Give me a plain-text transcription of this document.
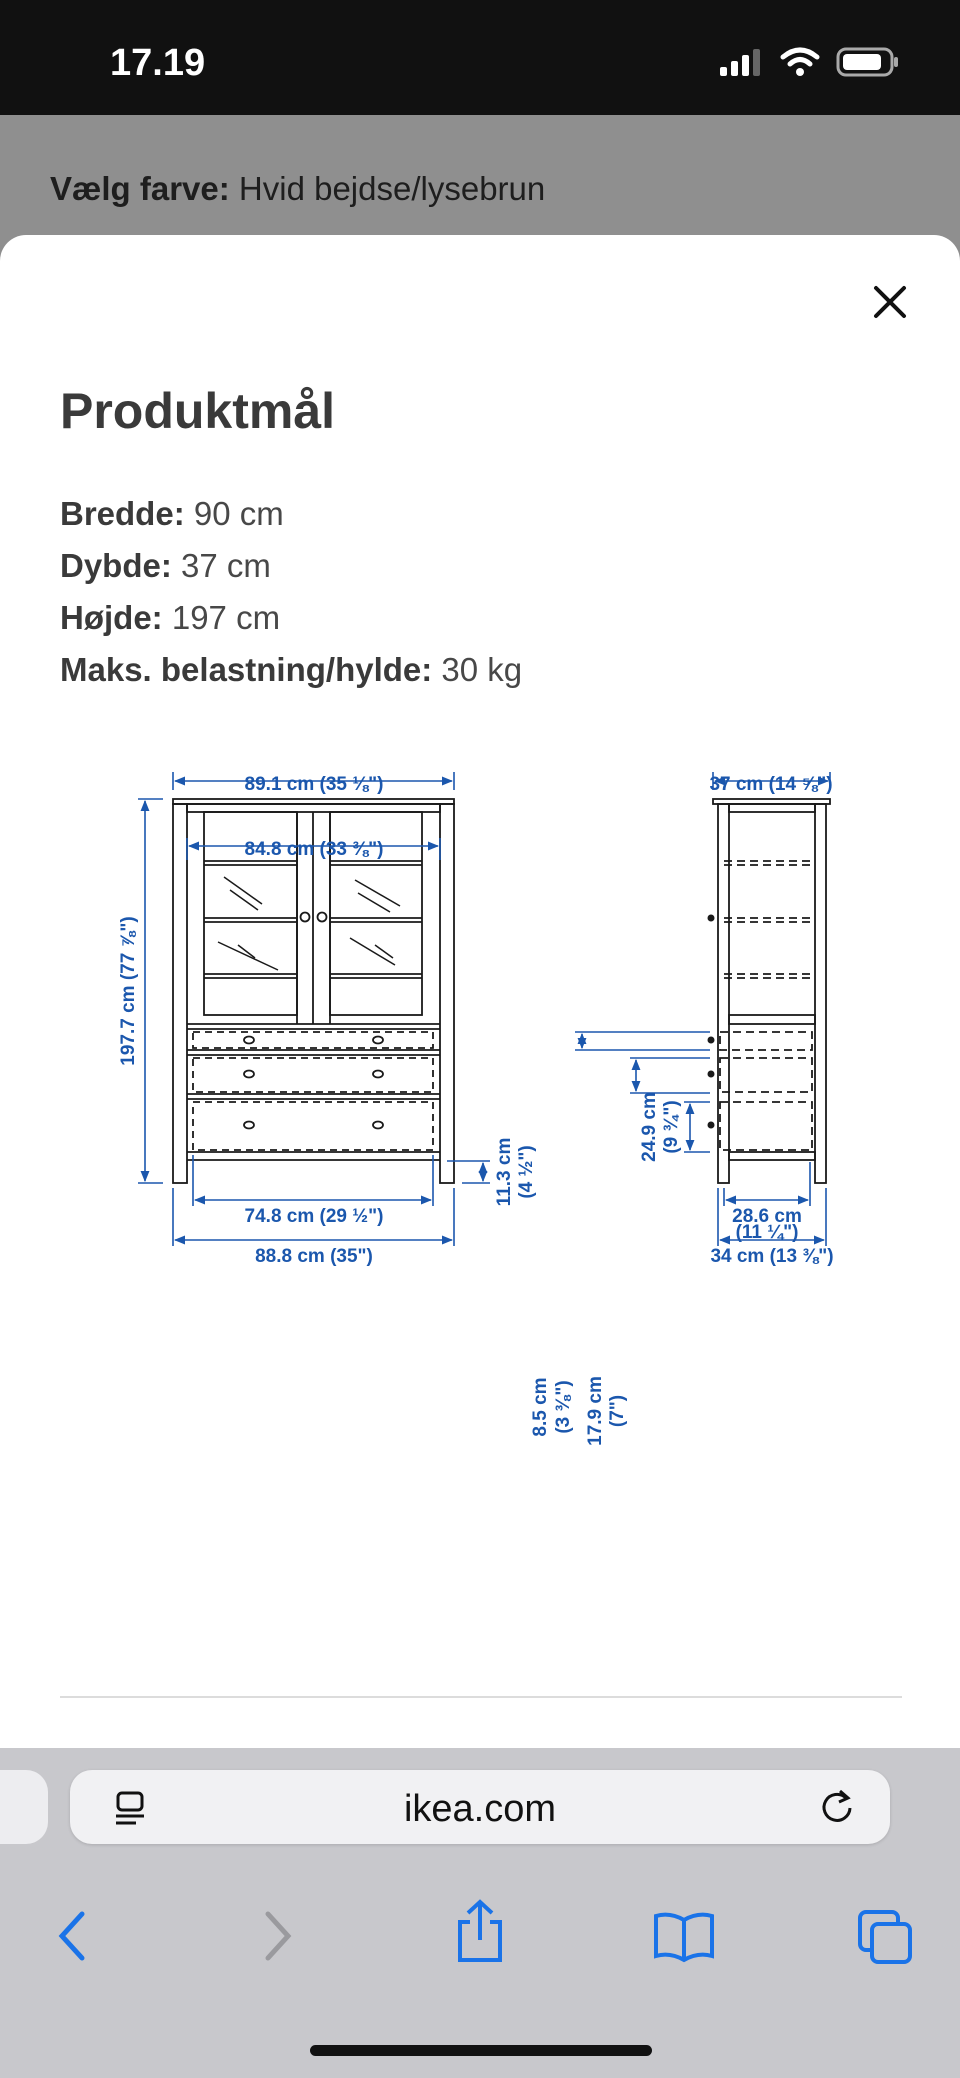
17.19
Vælg farve: Hvid bejdse/lysebrun
Produktmål
Bredde: 90 cm
Dybde: 37 cm
Højde: 197 cm
Maks. belastning/hylde: 30 kg
89.1 cm (35 ⅛")
84.8 cm (33 ⅜")
197.7 cm (77 ⅞")
74.8 cm (29 ½")
88.8 cm (35")
11.3 cm (4 ½")
37 cm (14 ⅝")
8.5 cm (3 ⅜") 17.9 cm (7")
24.9 cm (9 ¾")
28.6 cm
(11 ¼")
34 cm (13 ⅜")
ikea.com
